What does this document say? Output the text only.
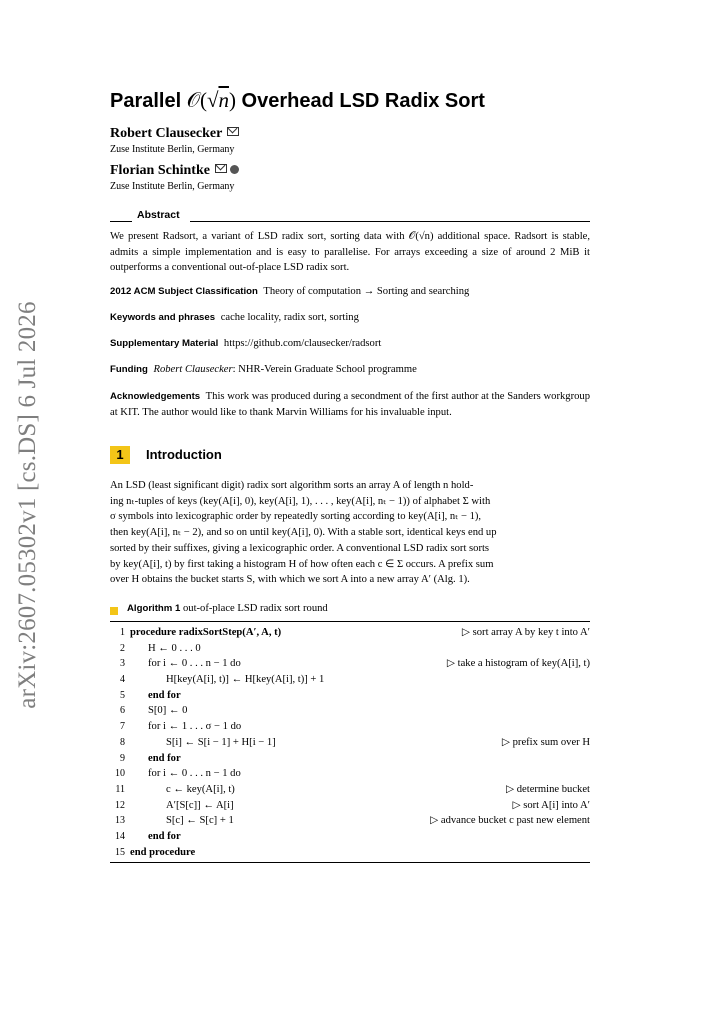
arXiv:2607.05302v1 [cs.DS] 6 Jul 2026
Parallel 𝒪(√n) Overhead LSD Radix Sort
Robert Clausecker
Zuse Institute Berlin, Germany
Florian Schintke
Zuse Institute Berlin, Germany
Abstract
We present Radsort, a variant of LSD radix sort, sorting data with 𝒪(√n) additional space. Radsort is stable, admits a simple implementation and is easy to parallelise. For arrays exceeding a size of around 2 MiB it outperforms a conventional out-of-place LSD radix sort.
2012 ACM Subject Classification Theory of computation → Sorting and searching
Keywords and phrases cache locality, radix sort, sorting
Supplementary Material https://github.com/clausecker/radsort
Funding Robert Clausecker: NHR-Verein Graduate School programme
Acknowledgements This work was produced during a secondment of the first author at the Sanders workgroup at KIT. The author would like to thank Marvin Williams for his invaluable input.
1	Introduction
An LSD (least significant digit) radix sort algorithm sorts an array A of length n hold-
ing nₜ-tuples of keys (key(A[i], 0), key(A[i], 1), . . . , key(A[i], nₜ − 1)) of alphabet Σ with
σ symbols into lexicographic order by repeatedly sorting according to key(A[i], nₜ − 1),
then key(A[i], nₜ − 2), and so on until key(A[i], 0). With a stable sort, identical keys end up
sorted by their suffixes, giving a lexicographic order. A conventional LSD radix sort sorts
by key(A[i], t) by first taking a histogram H of how often each c ∈ Σ occurs. A prefix sum
over H obtains the bucket starts S, with which we sort A into a new array A′ (Alg. 1).
Algorithm 1 out-of-place LSD radix sort round
1 procedure radixSortStep(A′, A, t)	▷ sort array A by key t into A′
2 H ← 0 . . . 0
3 for i ← 0 . . . n − 1 do	▷ take a histogram of key(A[i], t)
4	H[key(A[i], t)] ← H[key(A[i], t)] + 1
5 end for
6 S[0] ← 0
7 for i ← 1 . . . σ − 1 do
8	S[i] ← S[i − 1] + H[i − 1]	▷ prefix sum over H
9 end for
10 for i ← 0 . . . n − 1 do
11	c ← key(A[i], t)	▷ determine bucket
12	A′[S[c]] ← A[i]	▷ sort A[i] into A′
13	S[c] ← S[c] + 1	▷ advance bucket c past new element
14 end for
15 end procedure
